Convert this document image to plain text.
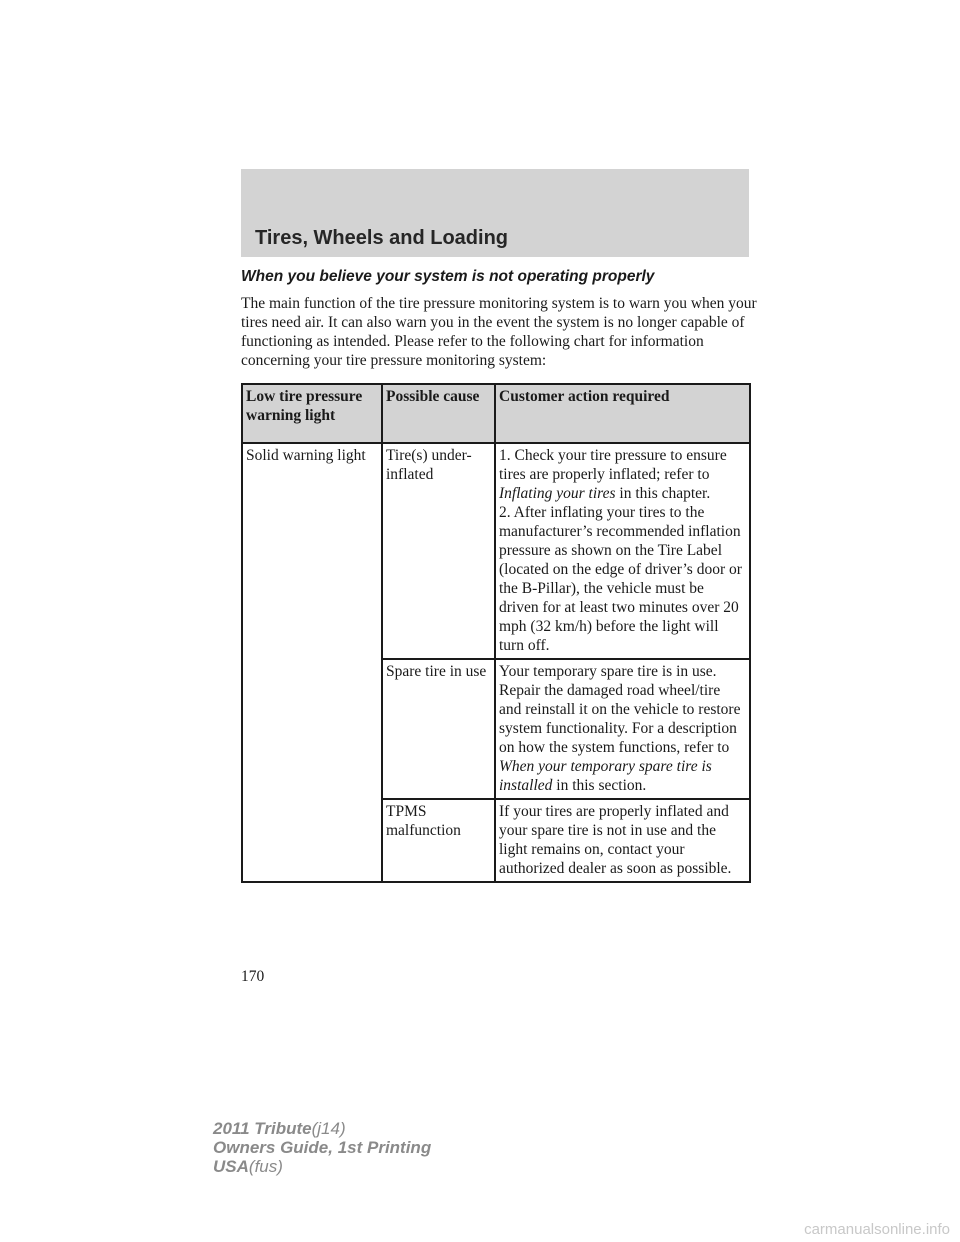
Tires, Wheels and Loading
When you believe your system is not operating properly

The main function of the tire pressure monitoring system is to warn you when your tires need air. It can also warn you in the event the system is no longer capable of functioning as intended. Please refer to the following chart for information concerning your tire pressure monitoring system:

Low tire pressure warning light	Possible cause	Customer action required
Solid warning light	Tire(s) under-inflated	1. Check your tire pressure to ensure tires are properly inflated; refer to Inflating your tires in this chapter.
2. After inflating your tires to the manufacturer’s recommended inflation pressure as shown on the Tire Label (located on the edge of driver’s door or the B-Pillar), the vehicle must be driven for at least two minutes over 20 mph (32 km/h) before the light will turn off.
	Spare tire in use	Your temporary spare tire is in use. Repair the damaged road wheel/tire and reinstall it on the vehicle to restore system functionality. For a description on how the system functions, refer to When your temporary spare tire is installed in this section.
	TPMS malfunction	If your tires are properly inflated and your spare tire is not in use and the light remains on, contact your authorized dealer as soon as possible.
170
2011 Tribute(j14)
Owners Guide, 1st Printing
USA(fus)
carmanualsonline.info
